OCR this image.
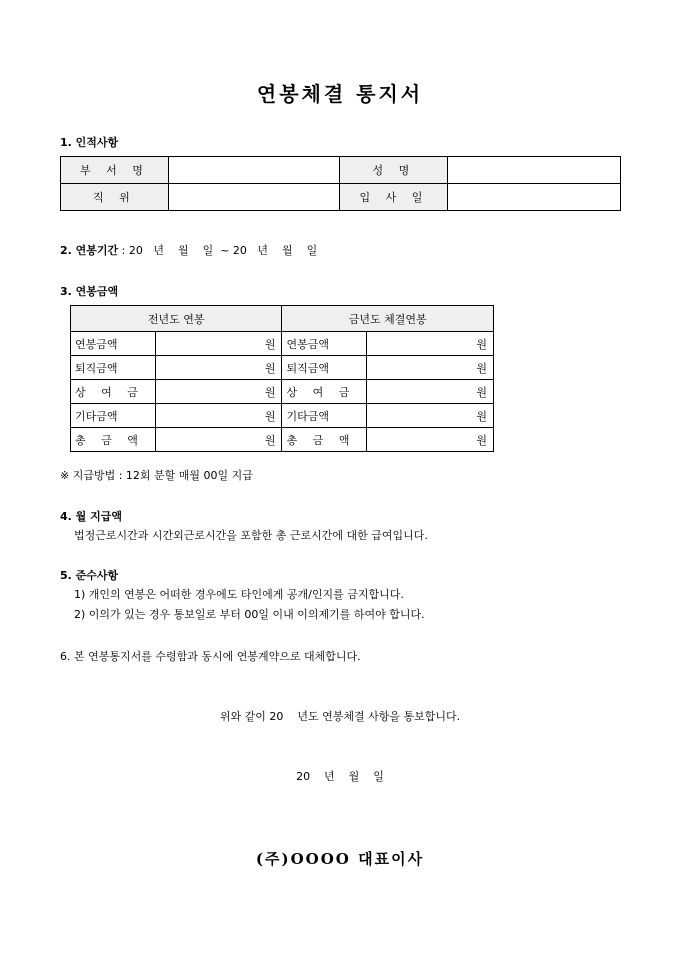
연봉체결 통지서
1. 인적사항
부 서 명		성 명	
직 위		입 사 일	
2. 연봉기간 : 20   년    월    일  ~ 20   년    월    일
3. 연봉금액
전년도 연봉		금년도 체결연봉	
연봉금액	원	연봉금액	원
퇴직금액	원	퇴직금액	원
상 여 금	원	상 여 금	원
기타금액	원	기타금액	원
총 금 액	원	총 금 액	원
※ 지급방법 : 12회 분할 매월 00일 지급
4. 월 지급액
법정근로시간과 시간외근로시간을 포함한 총 근로시간에 대한 급여입니다.
5. 준수사항
1) 개인의 연봉은 어떠한 경우에도 타인에게 공개/인지를 금지합니다.
2) 이의가 있는 경우 통보일로 부터 00일 이내 이의제기를 하여야 합니다.
6. 본 연봉통지서를 수령함과 동시에 연봉계약으로 대체합니다.
위와 같이 20    년도 연봉체결 사항을 통보합니다.
20    년    월    일
(주)OOOO 대표이사
